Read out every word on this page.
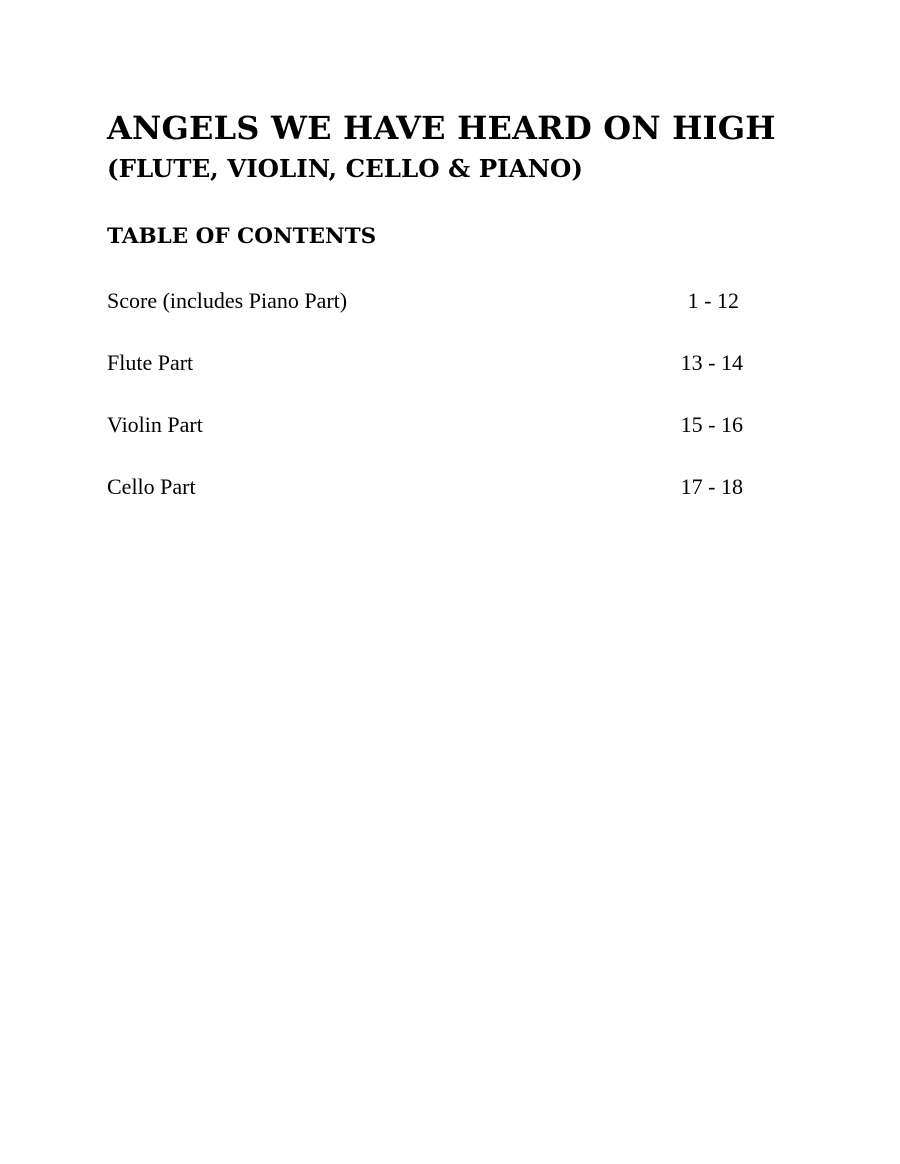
ANGELS WE HAVE HEARD ON HIGH
(FLUTE, VIOLIN, CELLO & PIANO)
TABLE OF CONTENTS
Score (includes Piano Part)	1 - 12
Flute Part	13 - 14
Violin Part	15 - 16
Cello Part	17 - 18
